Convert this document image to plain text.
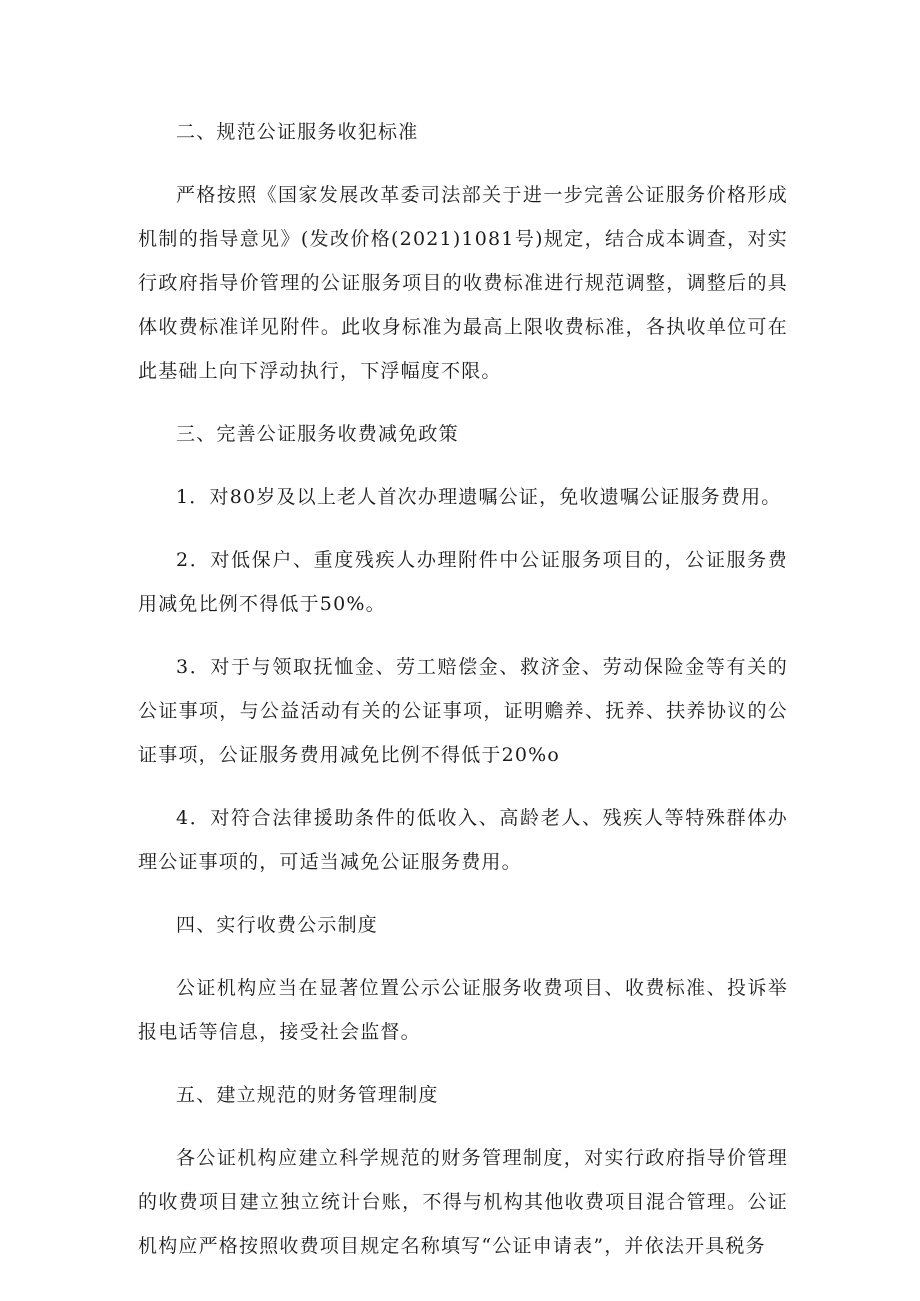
二、规范公证服务收犯标准

严格按照《国家发展改革委司法部关于进一步完善公证服务价格形成机制的指导意见》(发改价格(2021)1081号)规定，结合成本调查，对实行政府指导价管理的公证服务项目的收费标准进行规范调整，调整后的具体收费标准详见附件。此收身标准为最高上限收费标准，各执收单位可在此基础上向下浮动执行，下浮幅度不限。

三、完善公证服务收费减免政策

1．对80岁及以上老人首次办理遗嘱公证，免收遗嘱公证服务费用。

2．对低保户、重度残疾人办理附件中公证服务项目的，公证服务费用减免比例不得低于50%。

3．对于与领取抚恤金、劳工赔偿金、救济金、劳动保险金等有关的公证事项，与公益活动有关的公证事项，证明赡养、抚养、扶养协议的公证事项，公证服务费用减免比例不得低于20%o

4．对符合法律援助条件的低收入、高龄老人、残疾人等特殊群体办理公证事项的，可适当减免公证服务费用。

四、实行收费公示制度

公证机构应当在显著位置公示公证服务收费项目、收费标准、投诉举报电话等信息，接受社会监督。

五、建立规范的财务管理制度

各公证机构应建立科学规范的财务管理制度，对实行政府指导价管理的收费项目建立独立统计台账，不得与机构其他收费项目混合管理。公证机构应严格按照收费项目规定名称填写“公证申请表”，并依法开具税务
